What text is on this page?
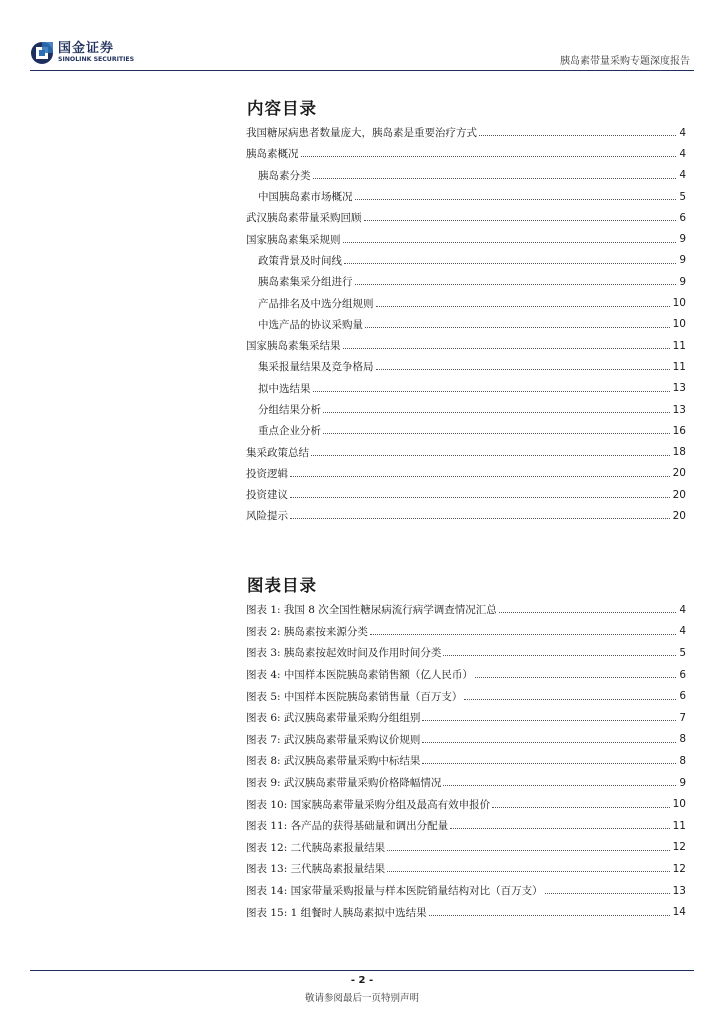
国金证券
SINOLINK SECURITIES	胰岛素带量采购专题深度报告
内容目录
我国糖尿病患者数量庞大，胰岛素是重要治疗方式	4
胰岛素概况	4
胰岛素分类	4
中国胰岛素市场概况	5
武汉胰岛素带量采购回顾	6
国家胰岛素集采规则	9
政策背景及时间线	9
胰岛素集采分组进行	9
产品排名及中选分组规则	10
中选产品的协议采购量	10
国家胰岛素集采结果	11
集采报量结果及竞争格局	11
拟中选结果	13
分组结果分析	13
重点企业分析	16
集采政策总结	18
投资逻辑	20
投资建议	20
风险提示	20
图表目录
图表 1: 我国 8 次全国性糖尿病流行病学调查情况汇总	4
图表 2: 胰岛素按来源分类	4
图表 3: 胰岛素按起效时间及作用时间分类	5
图表 4: 中国样本医院胰岛素销售额（亿人民币）	6
图表 5: 中国样本医院胰岛素销售量（百万支）	6
图表 6: 武汉胰岛素带量采购分组组别	7
图表 7: 武汉胰岛素带量采购议价规则	8
图表 8: 武汉胰岛素带量采购中标结果	8
图表 9: 武汉胰岛素带量采购价格降幅情况	9
图表 10: 国家胰岛素带量采购分组及最高有效申报价	10
图表 11: 各产品的获得基础量和调出分配量	11
图表 12: 二代胰岛素报量结果	12
图表 13: 三代胰岛素报量结果	12
图表 14: 国家带量采购报量与样本医院销量结构对比（百万支）	13
图表 15: 1 组餐时人胰岛素拟中选结果	14
- 2 -
敬请参阅最后一页特别声明
